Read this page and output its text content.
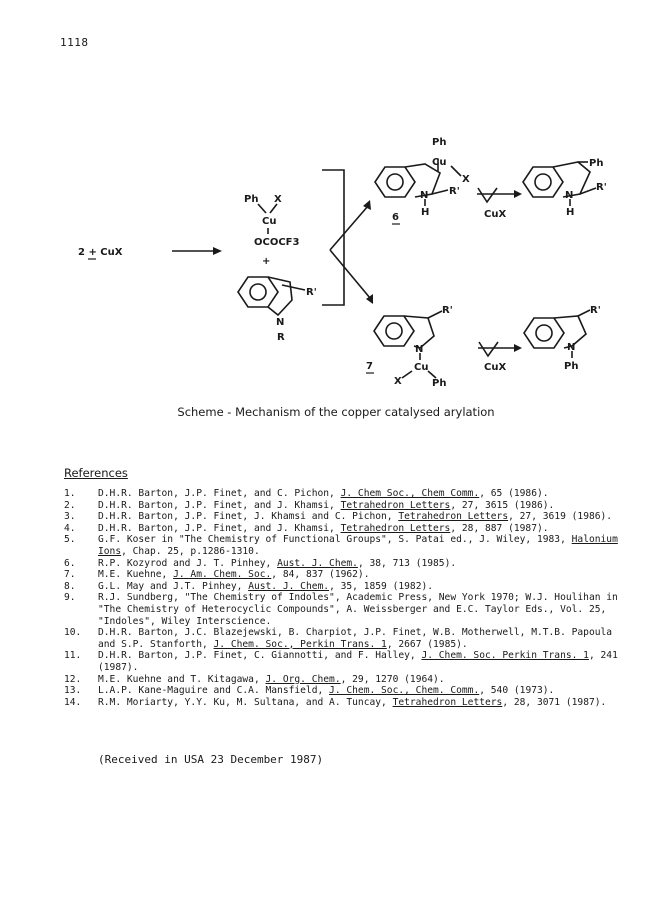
1118
2 + CuX
Ph X
Cu
OCOCF3
+
R'
N
R
Ph
Cu
X
N
H
R'
6	CuX
Ph
N
H
R'
R'
N
Cu
X	Ph
7	CuX
R'
N
Ph
Scheme - Mechanism of the copper catalysed arylation
References
1.	D.H.R. Barton, J.P. Finet, and C. Pichon, J. Chem Soc., Chem Comm., 65 (1986).
2.	D.H.R. Barton, J.P. Finet, and J. Khamsi, Tetrahedron Letters, 27, 3615 (1986).
3.	D.H.R. Barton, J.P. Finet, J. Khamsi and C. Pichon, Tetrahedron Letters, 27, 3619 (1986).
4.	D.H.R. Barton, J.P. Finet, and J. Khamsi, Tetrahedron Letters, 28, 887 (1987).
5.	G.F. Koser in "The Chemistry of Functional Groups", S. Patai ed., J. Wiley, 1983, Halonium Ions, Chap. 25, p.1286-1310.
6.	R.P. Kozyrod and J. T. Pinhey, Aust. J. Chem., 38, 713 (1985).
7.	M.E. Kuehne, J. Am. Chem. Soc., 84, 837 (1962).
8.	G.L. May and J.T. Pinhey, Aust. J. Chem., 35, 1859 (1982).
9.	R.J. Sundberg, "The Chemistry of Indoles", Academic Press, New York 1970; W.J. Houlihan in "The Chemistry of Heterocyclic Compounds", A. Weissberger and E.C. Taylor Eds., Vol. 25, "Indoles", Wiley Interscience.
10.	D.H.R. Barton, J.C. Blazejewski, B. Charpiot, J.P. Finet, W.B. Motherwell, M.T.B. Papoula and S.P. Stanforth, J. Chem. Soc., Perkin Trans. 1, 2667 (1985).
11.	D.H.R. Barton, J.P. Finet, C. Giannotti, and F. Halley, J. Chem. Soc. Perkin Trans. 1, 241 (1987).
12.	M.E. Kuehne and T. Kitagawa, J. Org. Chem., 29, 1270 (1964).
13.	L.A.P. Kane-Maguire and C.A. Mansfield, J. Chem. Soc., Chem. Comm., 540 (1973).
14.	R.M. Moriarty, Y.Y. Ku, M. Sultana, and A. Tuncay, Tetrahedron Letters, 28, 3071 (1987).
(Received in USA 23 December 1987)
